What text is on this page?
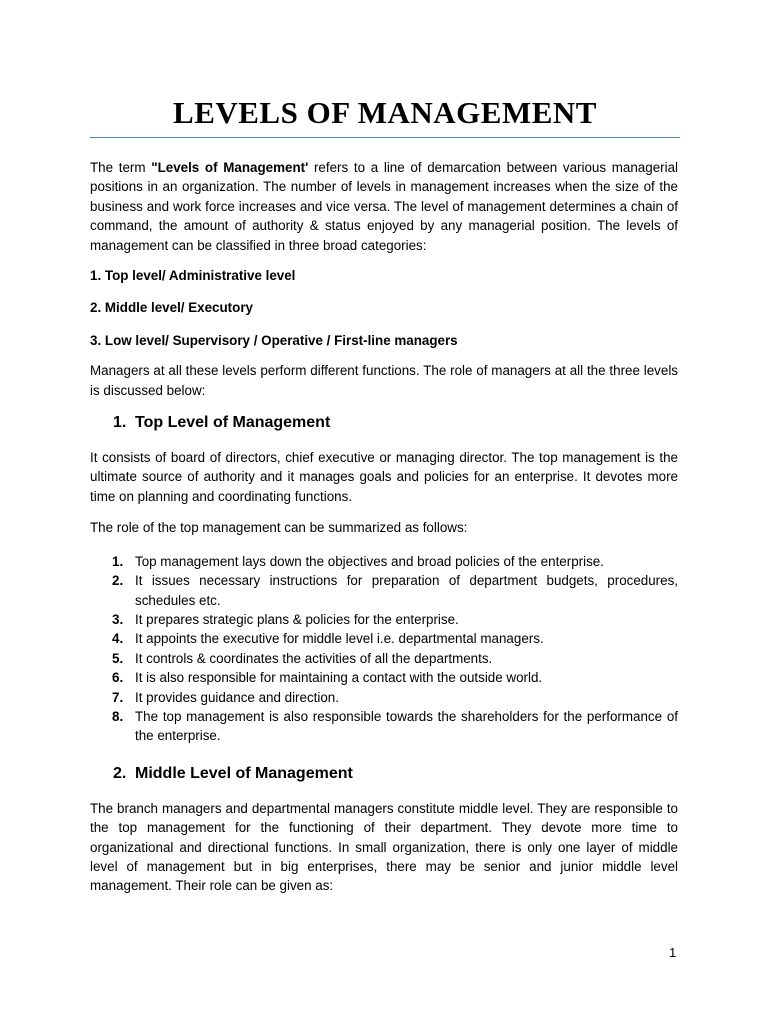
LEVELS OF MANAGEMENT

The term "Levels of Management' refers to a line of demarcation between various managerial positions in an organization. The number of levels in management increases when the size of the business and work force increases and vice versa. The level of management determines a chain of command, the amount of authority & status enjoyed by any managerial position. The levels of management can be classified in three broad categories:

1. Top level/ Administrative level

2. Middle level/ Executory

3. Low level/ Supervisory / Operative / First-line managers

Managers at all these levels perform different functions. The role of managers at all the three levels is discussed below:

1. Top Level of Management

It consists of board of directors, chief executive or managing director. The top management is the ultimate source of authority and it manages goals and policies for an enterprise. It devotes more time on planning and coordinating functions.

The role of the top management can be summarized as follows:

1. Top management lays down the objectives and broad policies of the enterprise.
2. It issues necessary instructions for preparation of department budgets, procedures, schedules etc.
3. It prepares strategic plans & policies for the enterprise.
4. It appoints the executive for middle level i.e. departmental managers.
5. It controls & coordinates the activities of all the departments.
6. It is also responsible for maintaining a contact with the outside world.
7. It provides guidance and direction.
8. The top management is also responsible towards the shareholders for the performance of the enterprise.
2. Middle Level of Management

The branch managers and departmental managers constitute middle level. They are responsible to the top management for the functioning of their department. They devote more time to organizational and directional functions. In small organization, there is only one layer of middle level of management but in big enterprises, there may be senior and junior middle level management. Their role can be given as:

1
